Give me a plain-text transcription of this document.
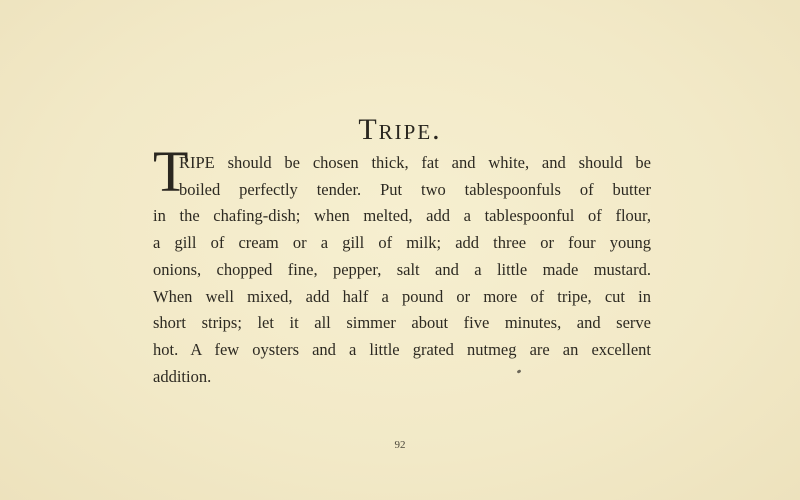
Tripe.
T
RIPE should be chosen thick, fat and white, and should be
boiled perfectly tender. Put two tablespoonfuls of butter
in the chafing-dish; when melted, add a tablespoonful of flour,
a gill of cream or a gill of milk; add three or four young
onions, chopped fine, pepper, salt and a little made mustard.
When well mixed, add half a pound or more of tripe, cut in
short strips; let it all simmer about five minutes, and serve
hot. A few oysters and a little grated nutmeg are an excellent
addition.
92
